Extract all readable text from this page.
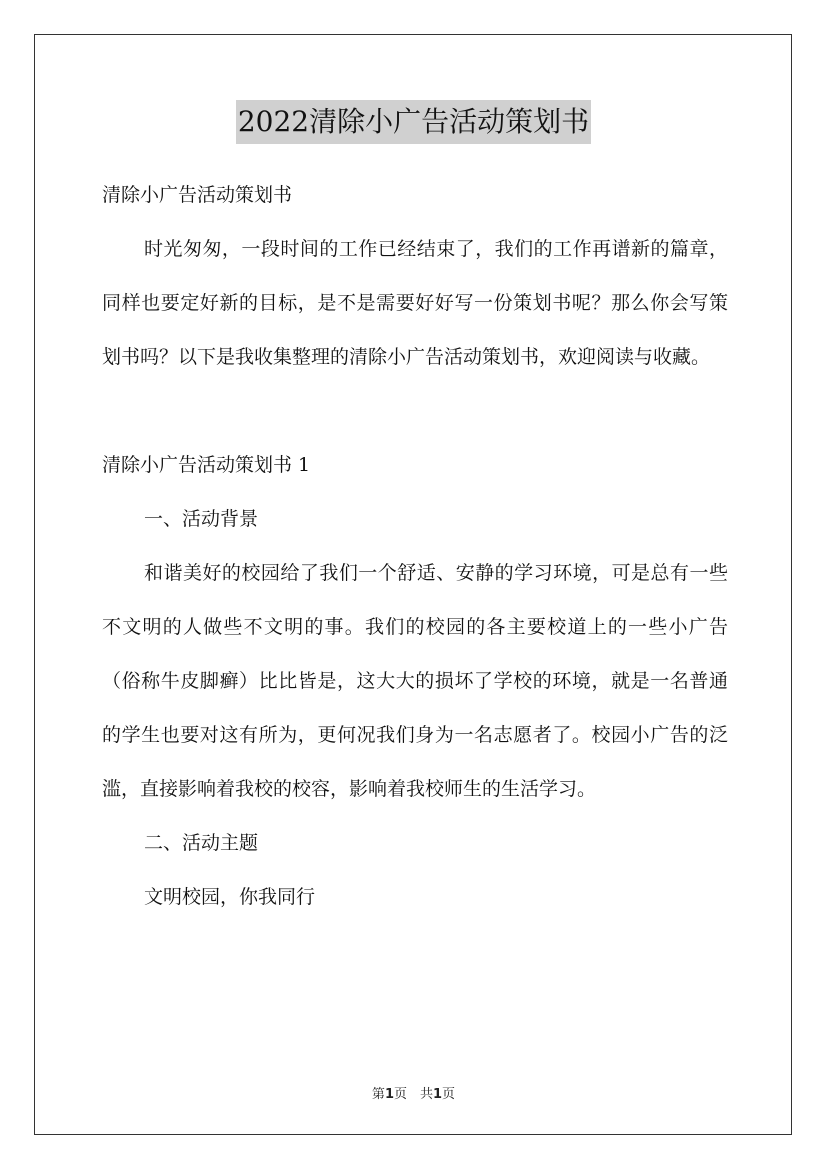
2022清除小广告活动策划书

清除小广告活动策划书

时光匆匆，一段时间的工作已经结束了，我们的工作再谱新的篇章，同样也要定好新的目标，是不是需要好好写一份策划书呢？那么你会写策划书吗？以下是我收集整理的清除小广告活动策划书，欢迎阅读与收藏。

清除小广告活动策划书 1

一、活动背景

和谐美好的校园给了我们一个舒适、安静的学习环境，可是总有一些不文明的人做些不文明的事。我们的校园的各主要校道上的一些小广告（俗称牛皮脚癣）比比皆是，这大大的损坏了学校的环境，就是一名普通的学生也要对这有所为，更何况我们身为一名志愿者了。校园小广告的泛滥，直接影响着我校的校容，影响着我校师生的生活学习。

二、活动主题

文明校园，你我同行

第1页　共1页
